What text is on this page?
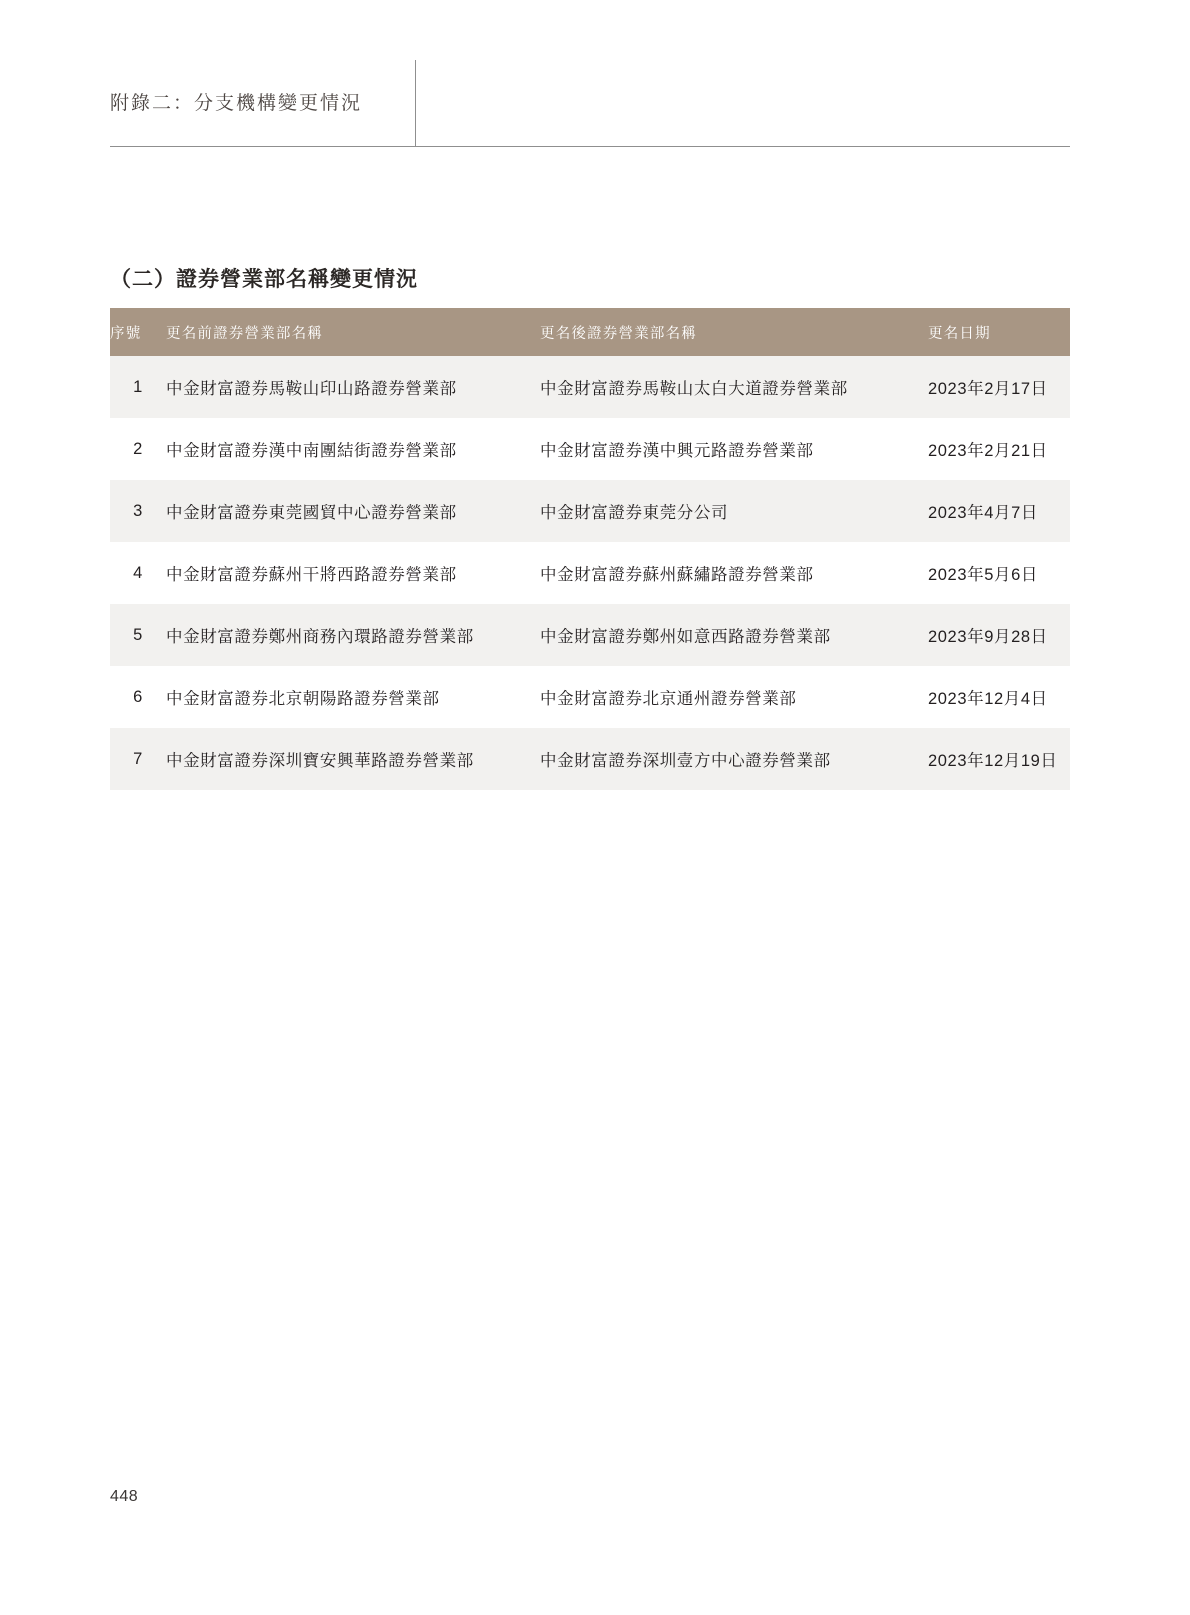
附錄二：分支機構變更情況
（二）證券營業部名稱變更情況
序號	更名前證券營業部名稱	更名後證券營業部名稱	更名日期
1	中金財富證券馬鞍山印山路證券營業部	中金財富證券馬鞍山太白大道證券營業部	2023年2月17日
2	中金財富證券漢中南團結街證券營業部	中金財富證券漢中興元路證券營業部	2023年2月21日
3	中金財富證券東莞國貿中心證券營業部	中金財富證券東莞分公司	2023年4月7日
4	中金財富證券蘇州干將西路證券營業部	中金財富證券蘇州蘇繡路證券營業部	2023年5月6日
5	中金財富證券鄭州商務內環路證券營業部	中金財富證券鄭州如意西路證券營業部	2023年9月28日
6	中金財富證券北京朝陽路證券營業部	中金財富證券北京通州證券營業部	2023年12月4日
7	中金財富證券深圳寶安興華路證券營業部	中金財富證券深圳壹方中心證券營業部	2023年12月19日
448
